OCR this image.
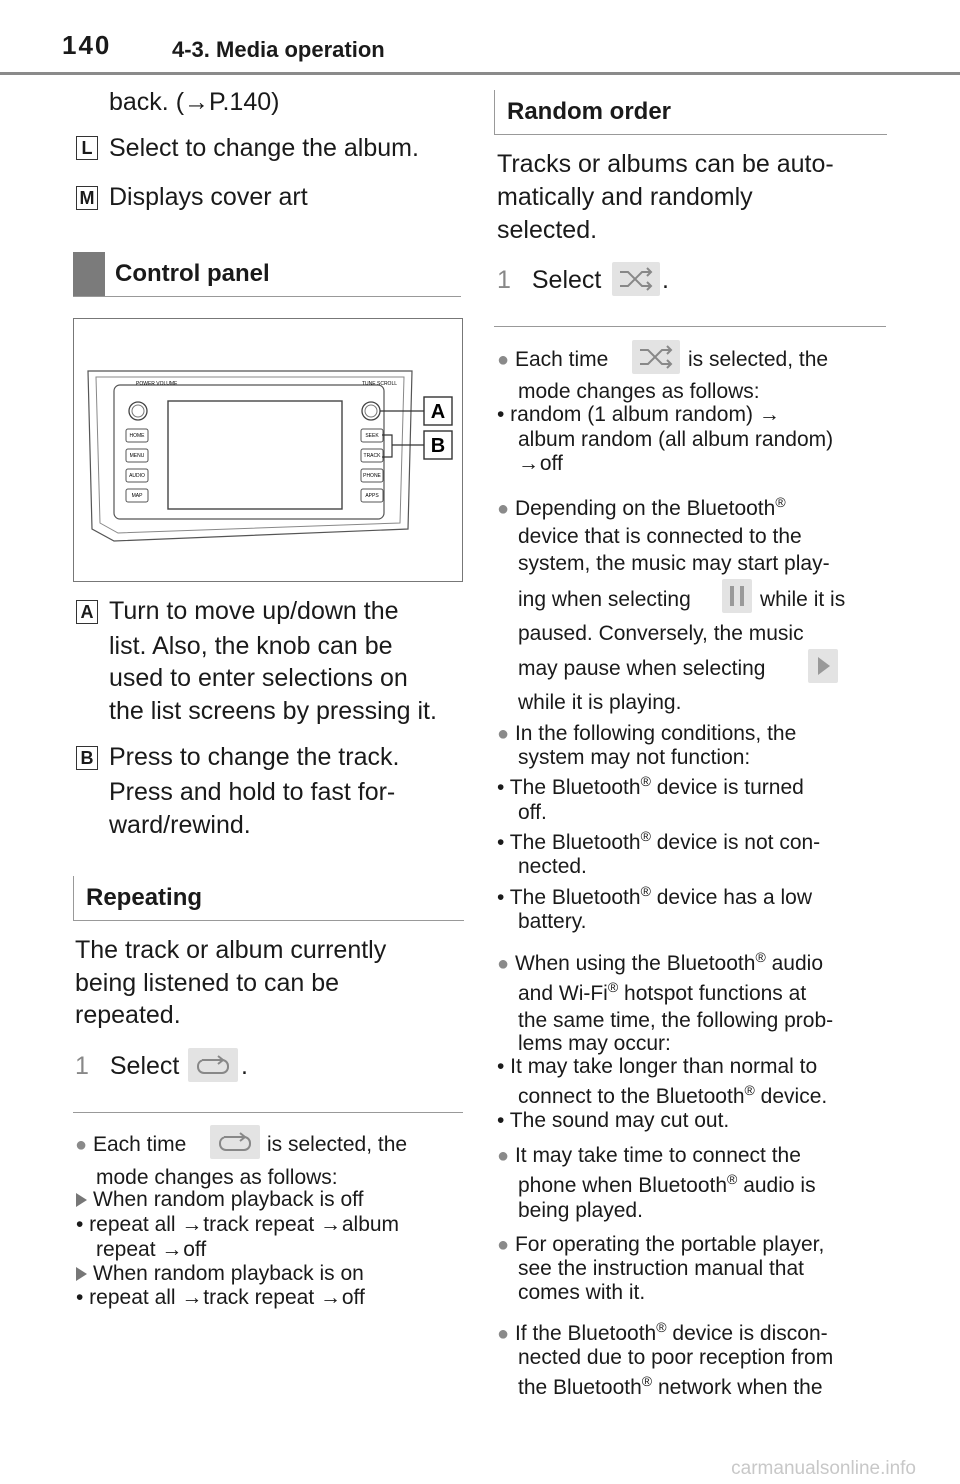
140	4-3. Media operation
back. (→P.140)
L Select to change the album.
M Displays cover art
Control panel
POWER VOLUME	TUNE SCROLL
HOME
MENU
AUDIO
MAP
SEEK
TRACK
PHONE
APPS
A
B
A Turn to move up/down the
list. Also, the knob can be
used to enter selections on
the list screens by pressing it.
B Press to change the track.
Press and hold to fast for-
ward/rewind.
Repeating
The track or album currently
being listened to can be
repeated.
1 Select .
● Each time	is selected, the
mode changes as follows:
When random playback is off
• repeat all → track repeat → album
repeat → off
When random playback is on
• repeat all → track repeat → off
Random order
Tracks or albums can be auto-
matically and randomly
selected.
1 Select .
● Each time	is selected, the
mode changes as follows:
• random (1 album random) →
album random (all album random)
→ off
● Depending on the Bluetooth®
device that is connected to the
system, the music may start play-
ing when selecting	while it is
paused. Conversely, the music
may pause when selecting
while it is playing.
● In the following conditions, the
system may not function:
• The Bluetooth® device is turned
off.
• The Bluetooth® device is not con-
nected.
• The Bluetooth® device has a low
battery.
● When using the Bluetooth® audio
and Wi-Fi® hotspot functions at
the same time, the following prob-
lems may occur:
• It may take longer than normal to
connect to the Bluetooth® device.
• The sound may cut out.
● It may take time to connect the
phone when Bluetooth® audio is
being played.
● For operating the portable player,
see the instruction manual that
comes with it.
● If the Bluetooth® device is discon-
nected due to poor reception from
the Bluetooth® network when the
carmanualsonline.info
